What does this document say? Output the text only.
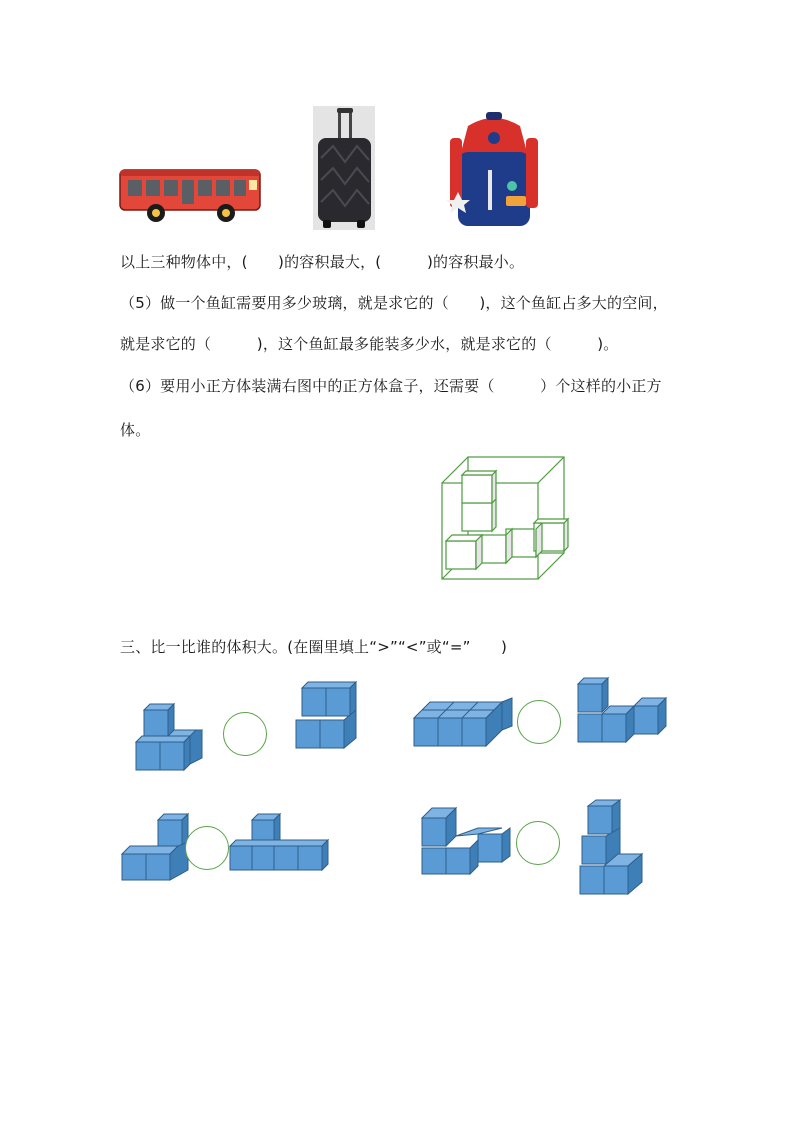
以上三种物体中，(　　)的容积最大，(　　　)的容积最小。
（5）做一个鱼缸需要用多少玻璃，就是求它的（　　)，这个鱼缸占多大的空间，
就是求它的（　　　)，这个鱼缸最多能装多少水，就是求它的（　　　)。
（6）要用小正方体装满右图中的正方体盒子，还需要（　　　）个这样的小正方
体。
三、比一比谁的体积大。(在圈里填上“>”“<”或“=”　　)
